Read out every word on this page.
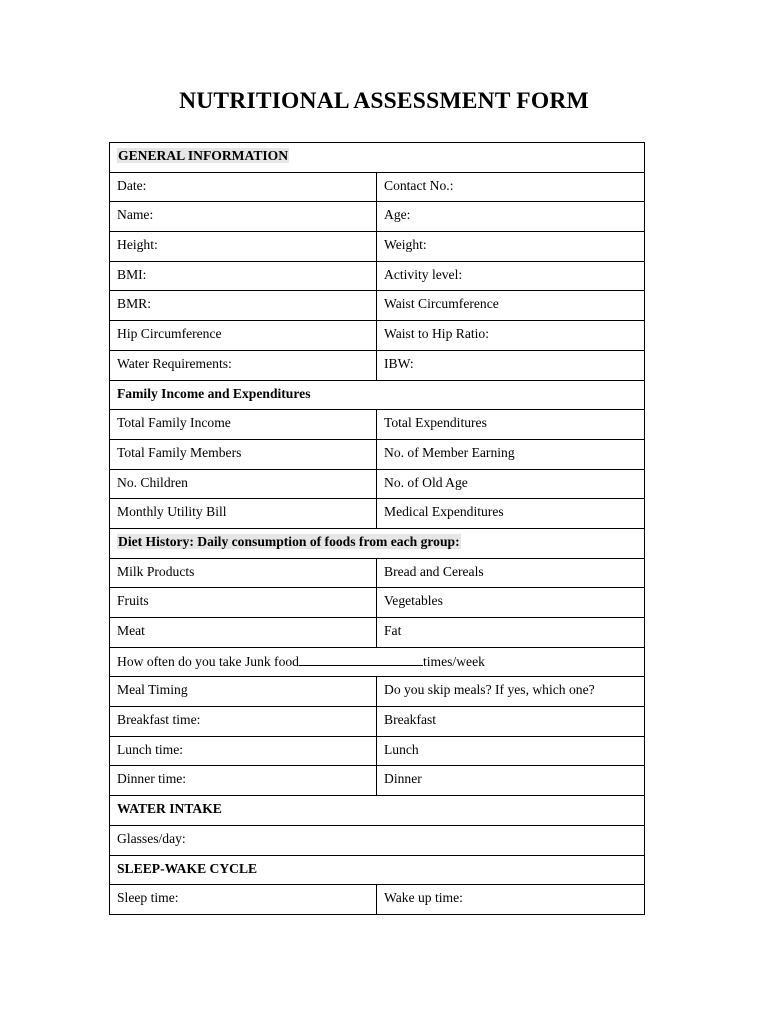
NUTRITIONAL ASSESSMENT FORM
GENERAL INFORMATION	
Date:	Contact No.:
Name:	Age:
Height:	Weight:
BMI:	Activity level:
BMR:	Waist Circumference
Hip Circumference	Waist to Hip Ratio:
Water Requirements:	IBW:
Family Income and Expenditures	
Total Family Income	Total Expenditures
Total Family Members	No. of Member Earning
No. Children	No. of Old Age
Monthly Utility Bill	Medical Expenditures
Diet History: Daily consumption of foods from each group:	
Milk Products	Bread and Cereals
Fruits	Vegetables
Meat	Fat
How often do you take Junk food times/week	
Meal Timing	Do you skip meals? If yes, which one?
Breakfast time:	Breakfast
Lunch time:	Lunch
Dinner time:	Dinner
WATER INTAKE	
Glasses/day:	
SLEEP-WAKE CYCLE	
Sleep time:	Wake up time:
